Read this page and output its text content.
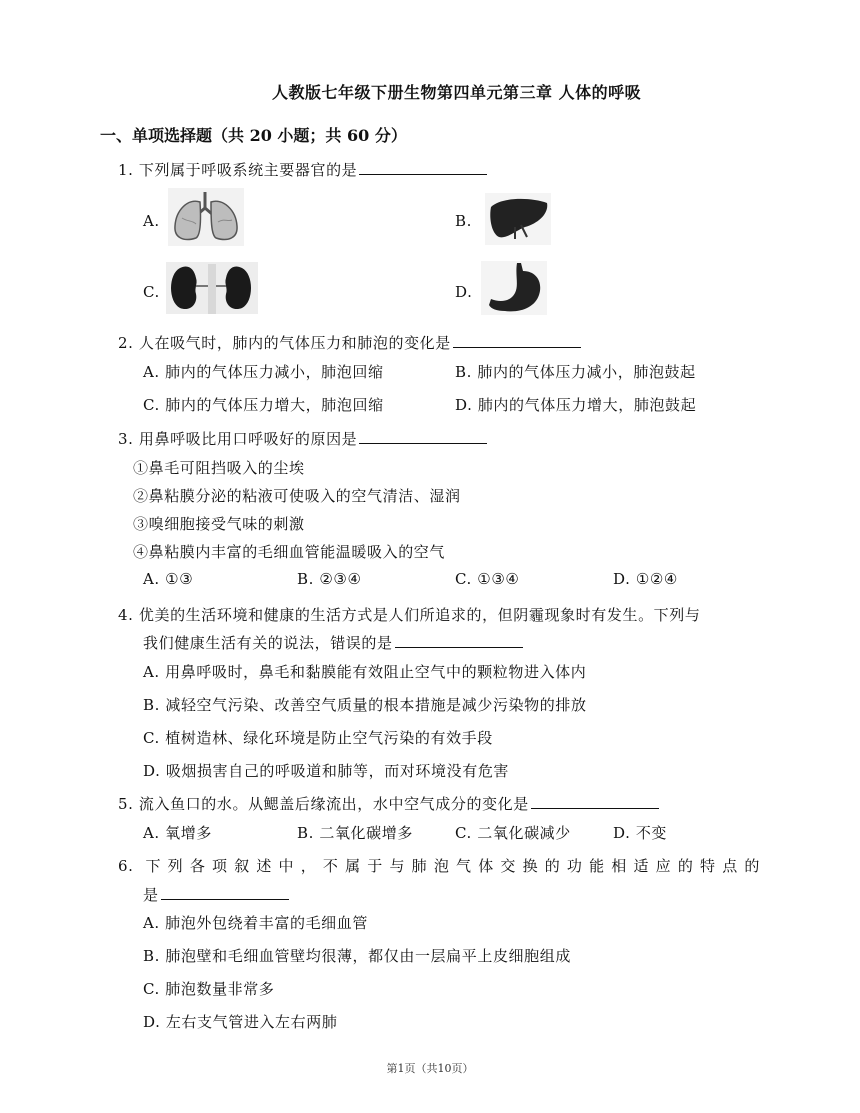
人教版七年级下册生物第四单元第三章 人体的呼吸
一、单项选择题（共 20 小题；共 60 分）
1. 下列属于呼吸系统主要器官的是
A.	B.
C.	D.
2. 人在吸气时，肺内的气体压力和肺泡的变化是
A. 肺内的气体压力减小，肺泡回缩	B. 肺内的气体压力减小，肺泡鼓起
C. 肺内的气体压力增大，肺泡回缩	D. 肺内的气体压力增大，肺泡鼓起
3. 用鼻呼吸比用口呼吸好的原因是
①鼻毛可阻挡吸入的尘埃
②鼻粘膜分泌的粘液可使吸入的空气清洁、湿润
③嗅细胞接受气味的刺激
④鼻粘膜内丰富的毛细血管能温暖吸入的空气
A. ①③	B. ②③④	C. ①③④	D. ①②④
4. 优美的生活环境和健康的生活方式是人们所追求的，但阴霾现象时有发生。下列与
我们健康生活有关的说法，错误的是
A. 用鼻呼吸时，鼻毛和黏膜能有效阻止空气中的颗粒物进入体内
B. 减轻空气污染、改善空气质量的根本措施是减少污染物的排放
C. 植树造林、绿化环境是防止空气污染的有效手段
D. 吸烟损害自己的呼吸道和肺等，而对环境没有危害
5. 流入鱼口的水。从鳃盖后缘流出，水中空气成分的变化是
A. 氧增多	B. 二氧化碳增多	C. 二氧化碳减少	D. 不变
6. 下列各项叙述中，不属于与肺泡气体交换的功能相适应的特点的
是
A. 肺泡外包绕着丰富的毛细血管
B. 肺泡壁和毛细血管壁均很薄，都仅由一层扁平上皮细胞组成
C. 肺泡数量非常多
D. 左右支气管进入左右两肺
第1页（共10页）
